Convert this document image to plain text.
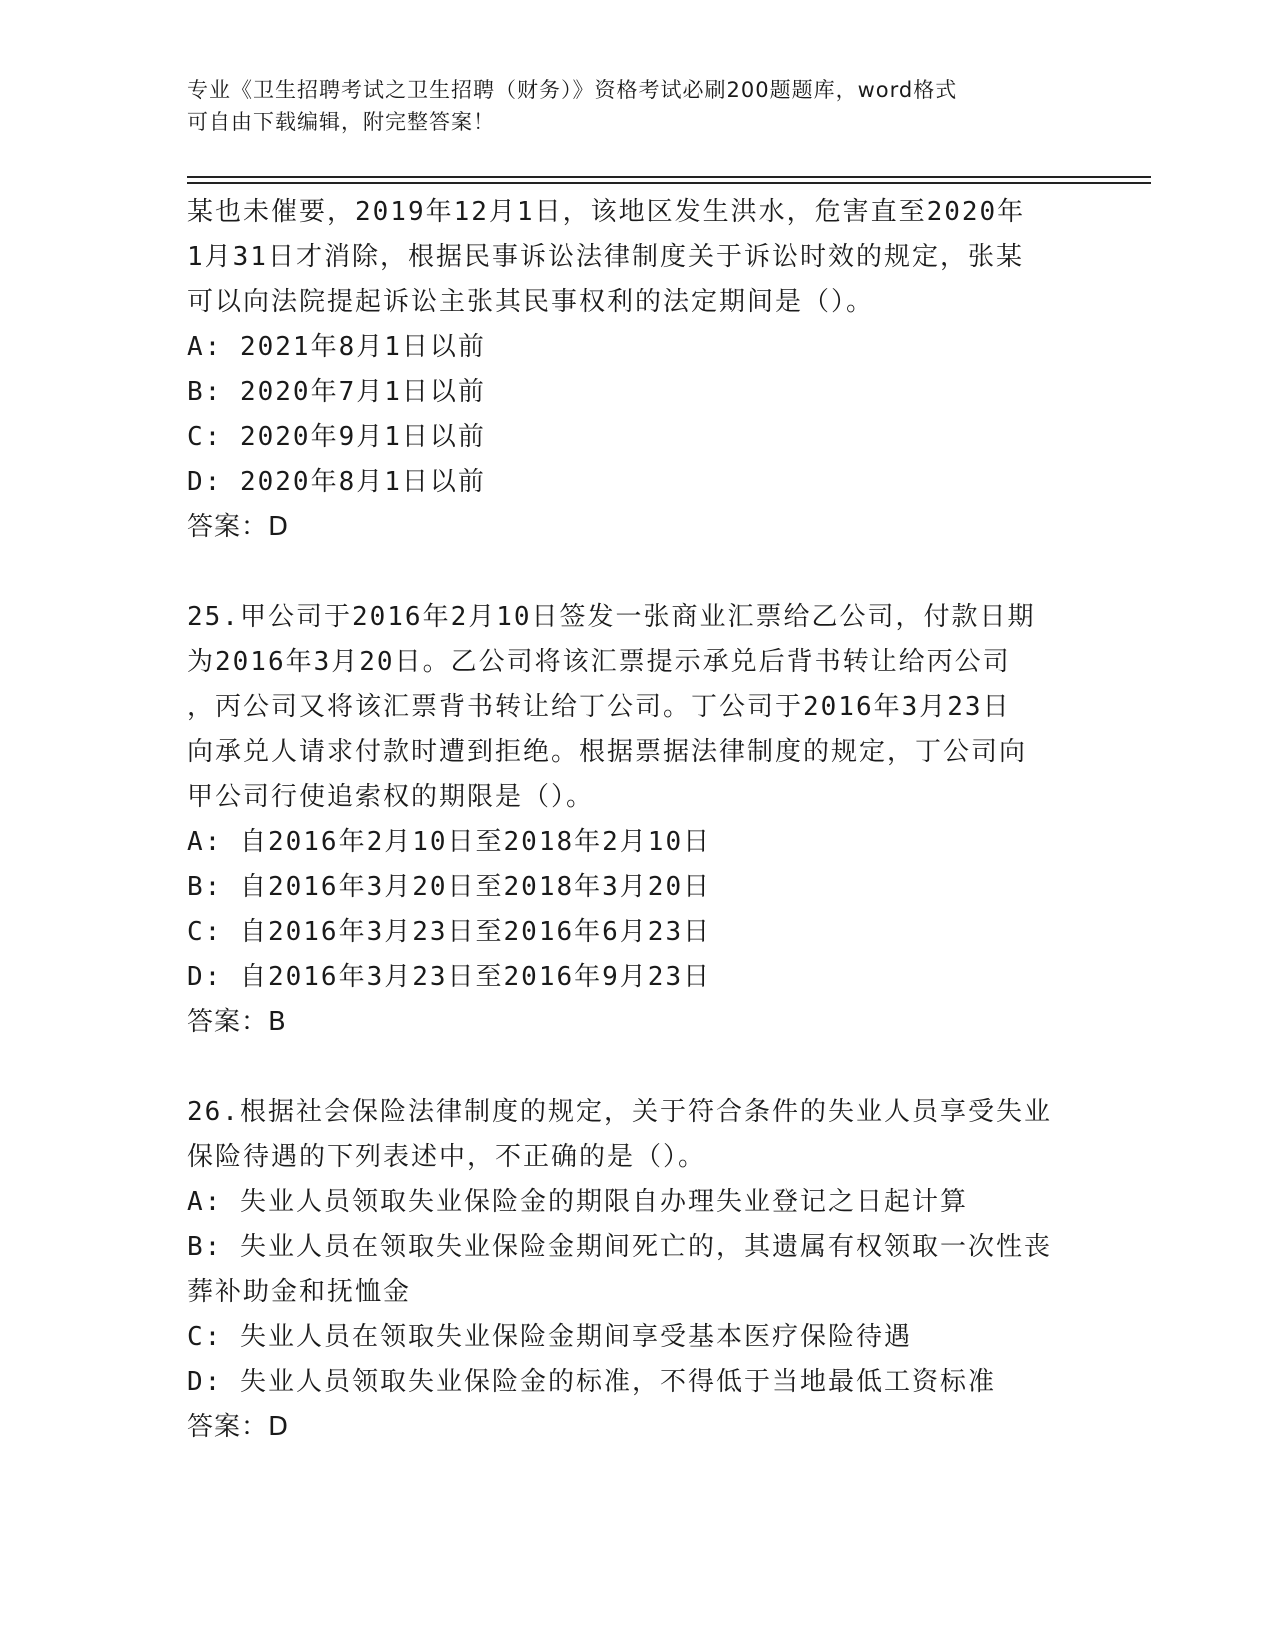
专业《卫生招聘考试之卫生招聘（财务）》资格考试必刷200题题库，word格式

可自由下载编辑，附完整答案！

某也未催要，2019年12月1日，该地区发生洪水，危害直至2020年
1月31日才消除，根据民事诉讼法律制度关于诉讼时效的规定，张某
可以向法院提起诉讼主张其民事权利的法定期间是（）。
A: 2021年8月1日以前
B: 2020年7月1日以前
C: 2020年9月1日以前
D: 2020年8月1日以前
答案：D
25.甲公司于2016年2月10日签发一张商业汇票给乙公司，付款日期
为2016年3月20日。乙公司将该汇票提示承兑后背书转让给丙公司
，丙公司又将该汇票背书转让给丁公司。丁公司于2016年3月23日
向承兑人请求付款时遭到拒绝。根据票据法律制度的规定，丁公司向
甲公司行使追索权的期限是（）。
A: 自2016年2月10日至2018年2月10日
B: 自2016年3月20日至2018年3月20日
C: 自2016年3月23日至2016年6月23日
D: 自2016年3月23日至2016年9月23日
答案：B
26.根据社会保险法律制度的规定，关于符合条件的失业人员享受失业
保险待遇的下列表述中，不正确的是（）。
A: 失业人员领取失业保险金的期限自办理失业登记之日起计算
B: 失业人员在领取失业保险金期间死亡的，其遗属有权领取一次性丧
葬补助金和抚恤金
C: 失业人员在领取失业保险金期间享受基本医疗保险待遇
D: 失业人员领取失业保险金的标准，不得低于当地最低工资标准
答案：D
